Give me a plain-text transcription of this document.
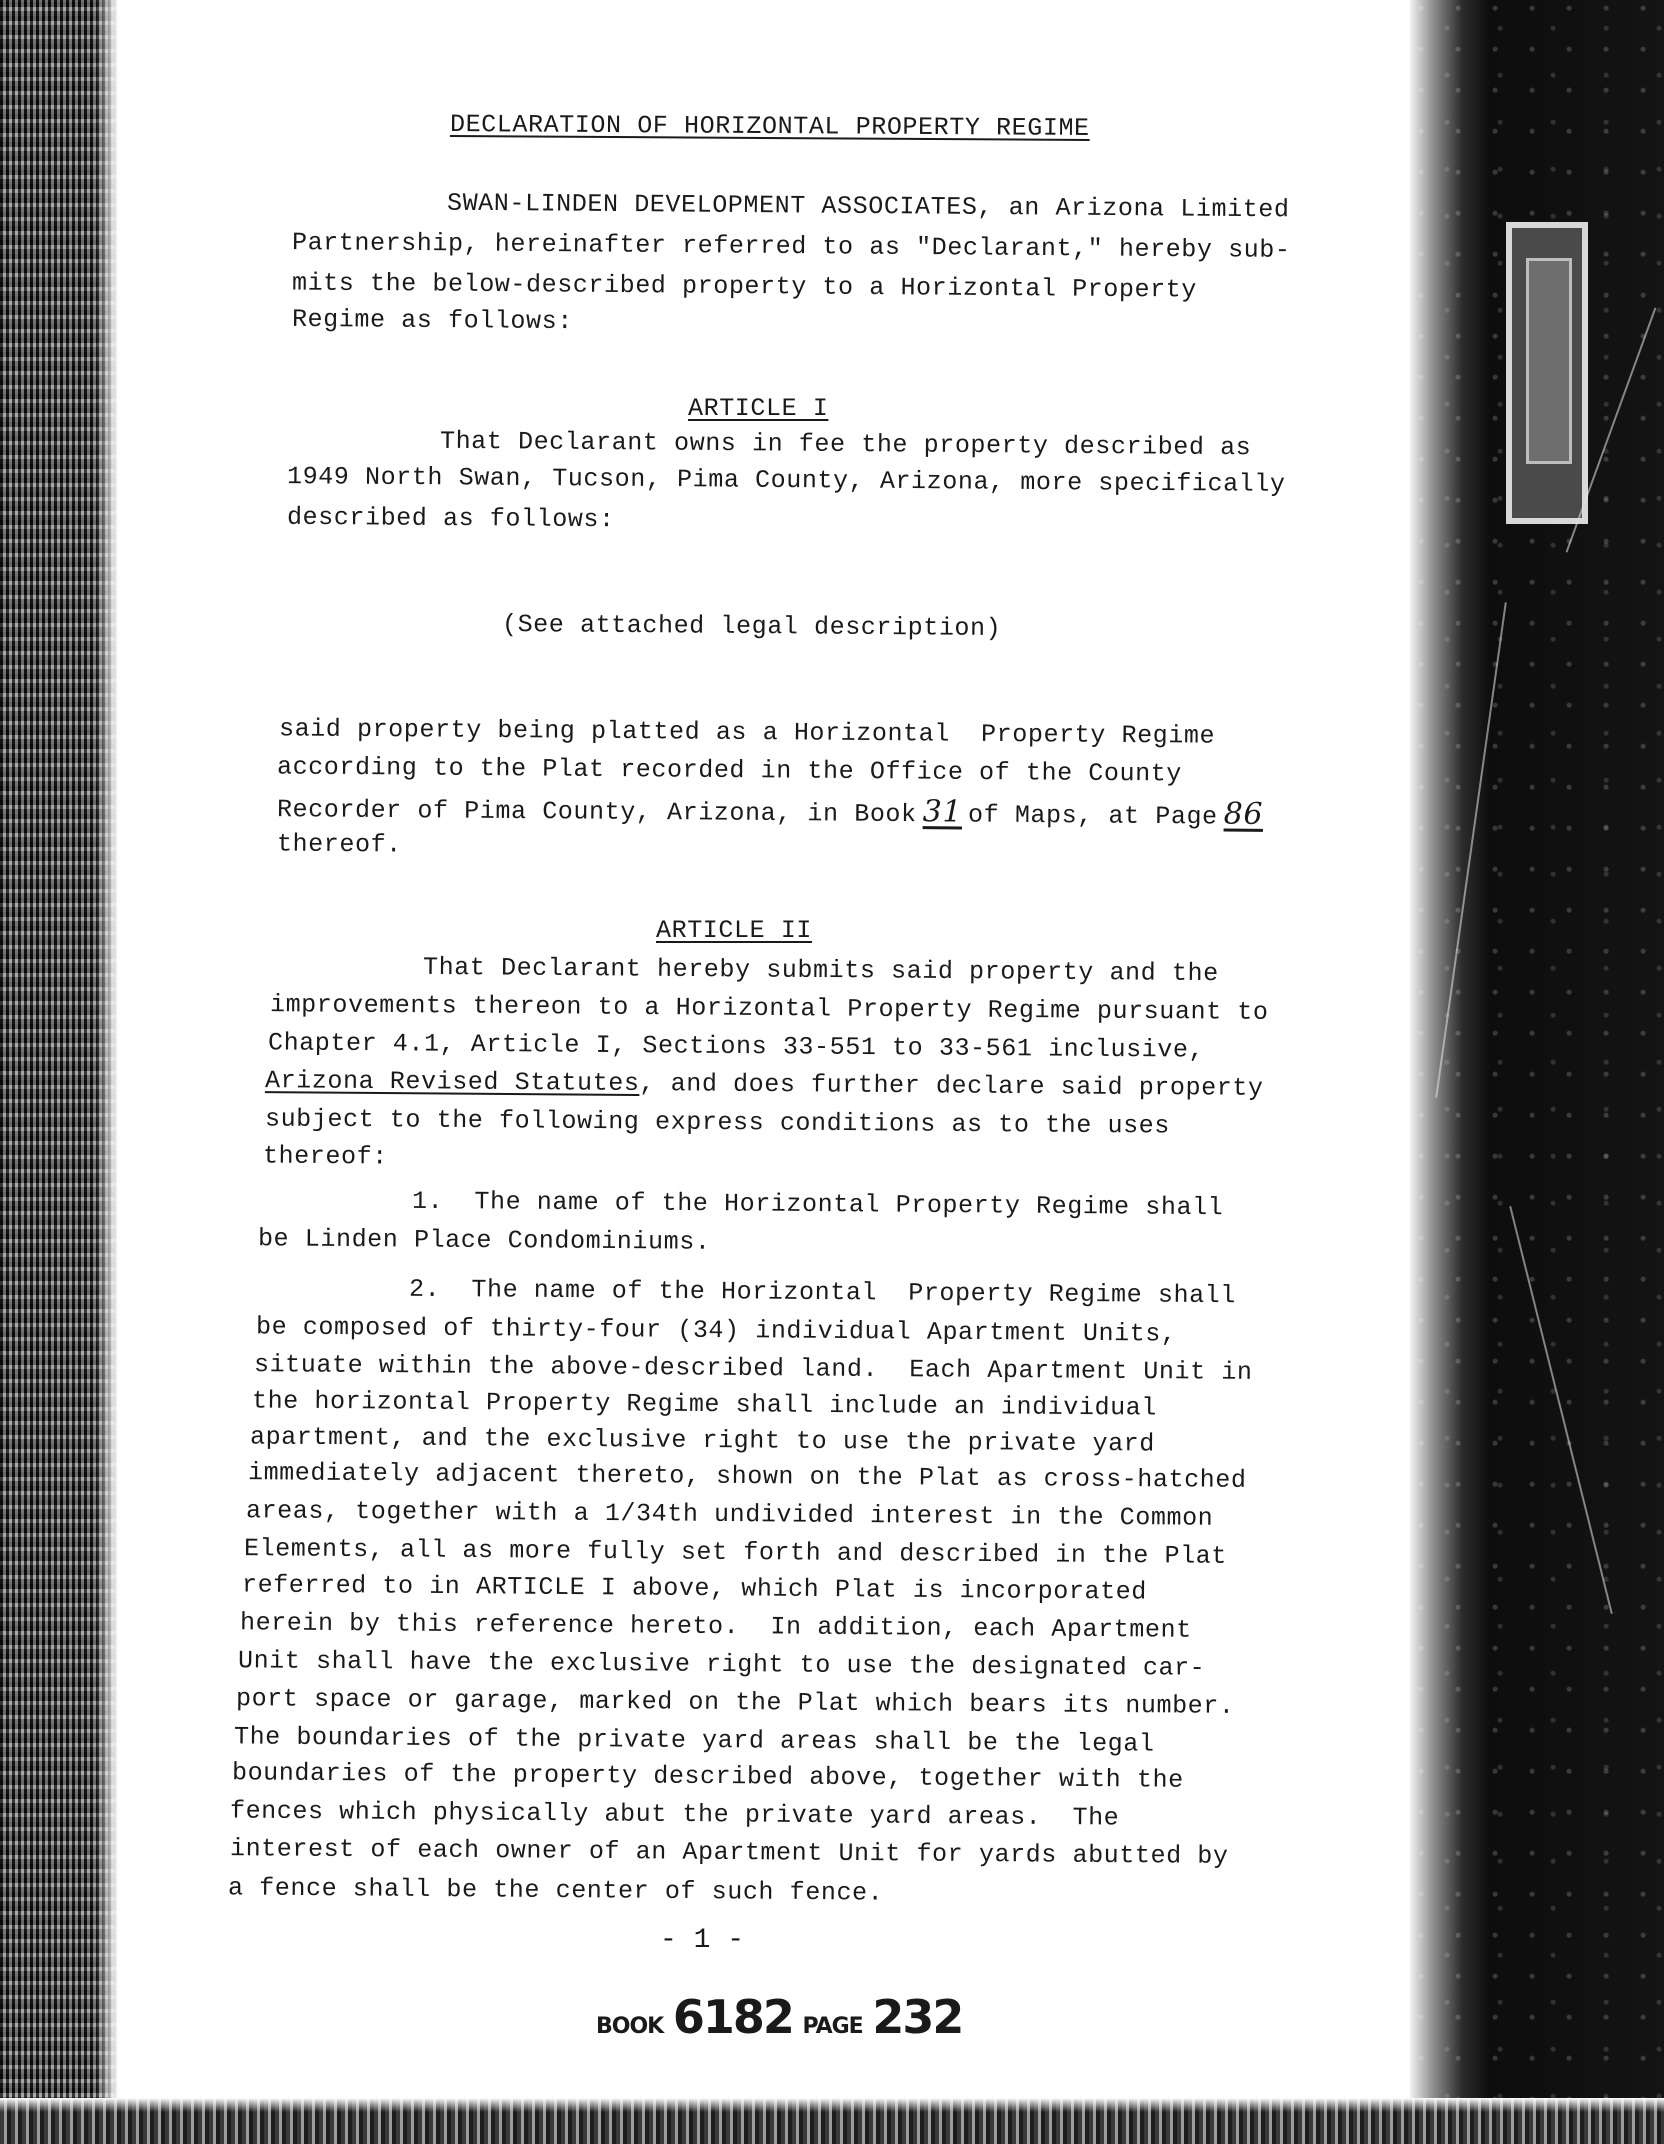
DECLARATION OF HORIZONTAL PROPERTY REGIME
SWAN-LINDEN DEVELOPMENT ASSOCIATES, an Arizona Limited
Partnership, hereinafter referred to as "Declarant," hereby sub-
mits the below-described property to a Horizontal Property
Regime as follows:
ARTICLE I
That Declarant owns in fee the property described as
1949 North Swan, Tucson, Pima County, Arizona, more specifically
described as follows:
(See attached legal description)
said property being platted as a Horizontal  Property Regime
according to the Plat recorded in the Office of the County
Recorder of Pima County, Arizona, in Book 31 of Maps, at Page 86
thereof.
ARTICLE II
That Declarant hereby submits said property and the
improvements thereon to a Horizontal Property Regime pursuant to
Chapter 4.1, Article I, Sections 33-551 to 33-561 inclusive,
Arizona Revised Statutes, and does further declare said property
subject to the following express conditions as to the uses
thereof:
1.  The name of the Horizontal Property Regime shall
be Linden Place Condominiums.
2.  The name of the Horizontal  Property Regime shall
be composed of thirty-four (34) individual Apartment Units,
situate within the above-described land.  Each Apartment Unit in
the horizontal Property Regime shall include an individual
apartment, and the exclusive right to use the private yard
immediately adjacent thereto, shown on the Plat as cross-hatched
areas, together with a 1/34th undivided interest in the Common
Elements, all as more fully set forth and described in the Plat
referred to in ARTICLE I above, which Plat is incorporated
herein by this reference hereto.  In addition, each Apartment
Unit shall have the exclusive right to use the designated car-
port space or garage, marked on the Plat which bears its number.
The boundaries of the private yard areas shall be the legal
boundaries of the property described above, together with the
fences which physically abut the private yard areas.  The
interest of each owner of an Apartment Unit for yards abutted by
a fence shall be the center of such fence.
- 1 -
BOOK 6182 PAGE 232
